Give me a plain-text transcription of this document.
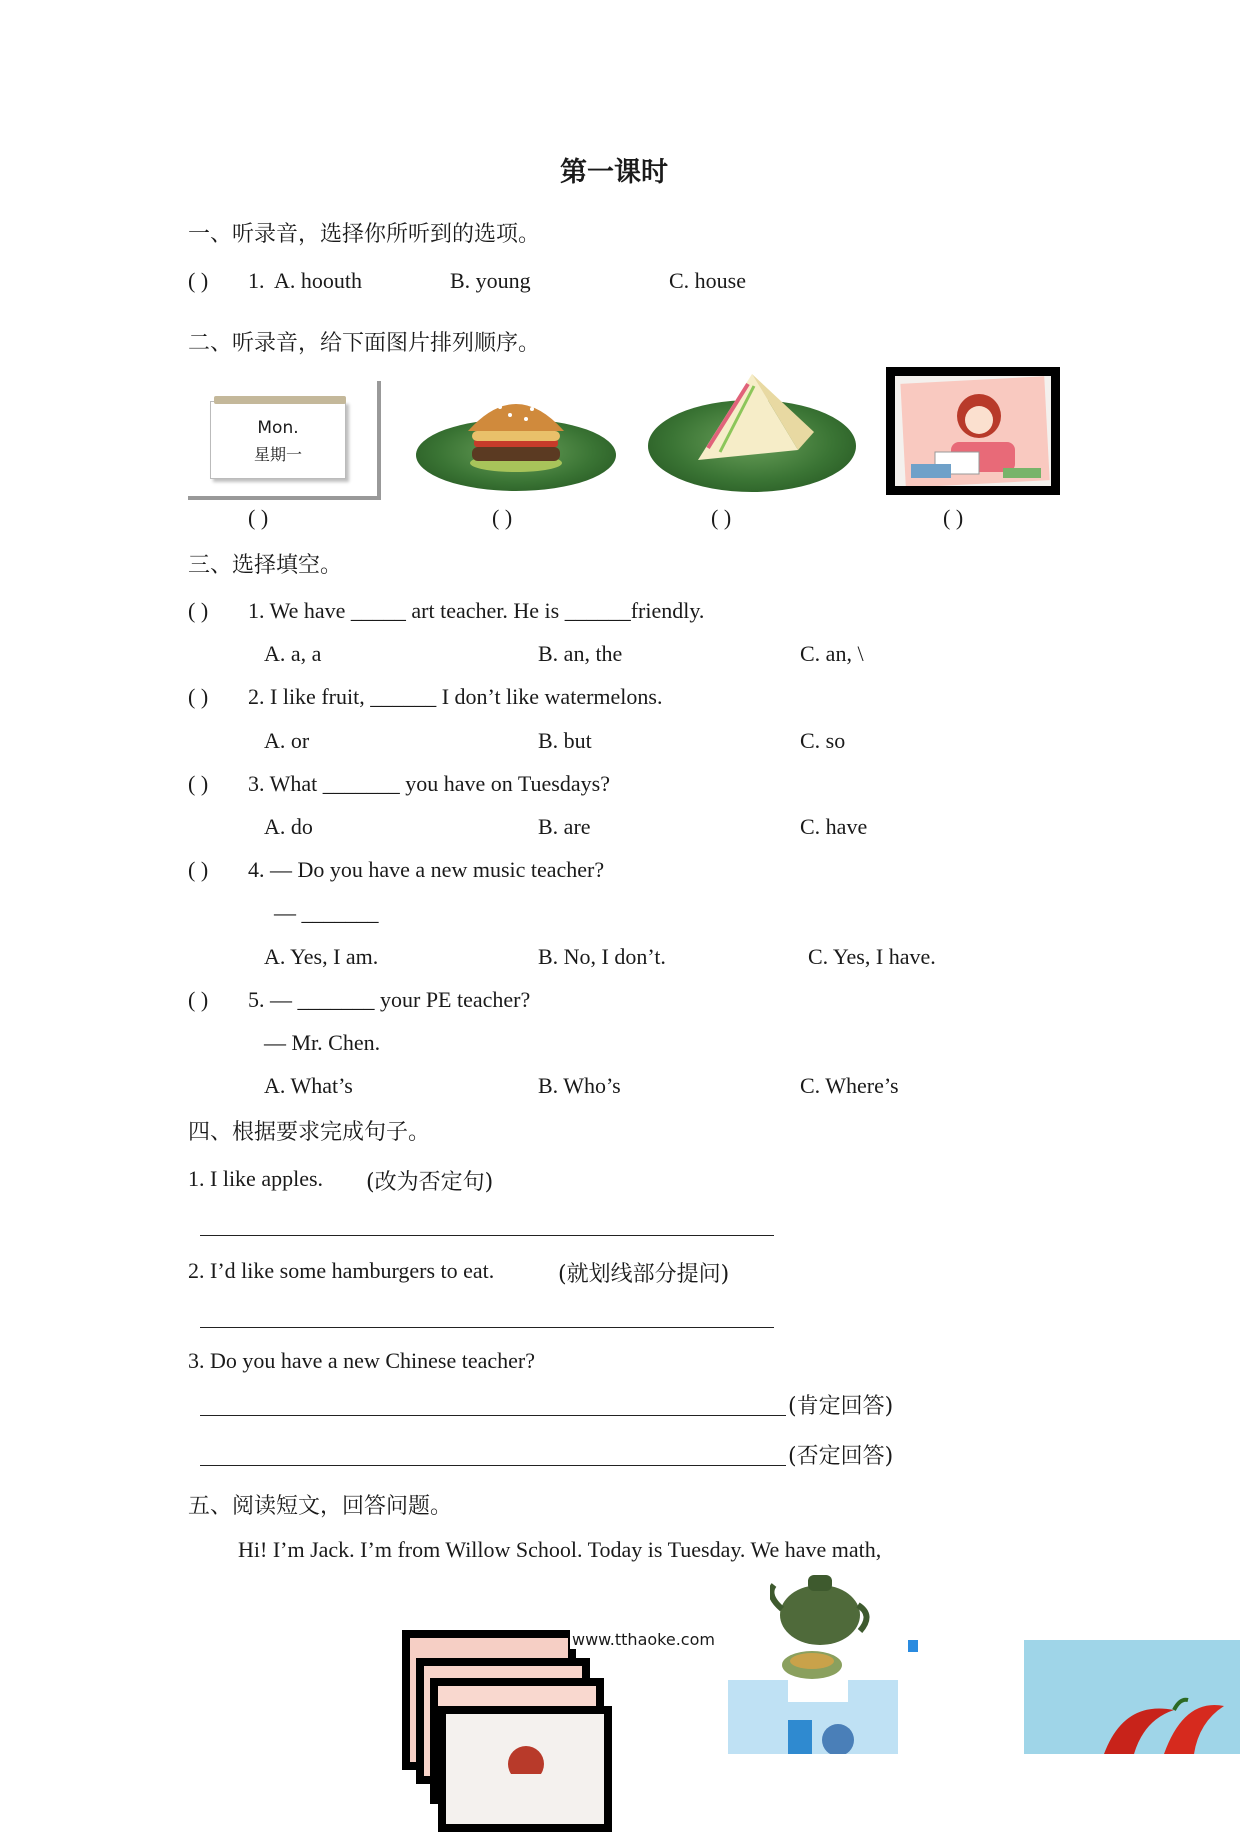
第一课时
一、听录音，选择你所听到的选项。
( ) 1. A. hoouth	B. young	C. house
二、听录音，给下面图片排列顺序。
Mon.
星期一
( )	( )	( )	( )
三、选择填空。
( ) 1. We have _____ art teacher. He is ______friendly.
A. a, a	B. an, the	C. an, \
( ) 2. I like fruit, ______ I don’t like watermelons.
A. or	B. but	C. so
( ) 3. What _______ you have on Tuesdays?
A. do	B. are	C. have
( ) 4. — Do you have a new music teacher?
— _______
A. Yes, I am.	B. No, I don’t.	C. Yes, I have.
( ) 5. — _______ your PE teacher?
— Mr. Chen.
A. What’s	B. Who’s	C. Where’s
四、根据要求完成句子。
1. I like apples. (改为否定句)
2. I’d like some hamburgers to eat.	(就划线部分提问)
3. Do you have a new Chinese teacher?
(肯定回答)
(否定回答)
五、阅读短文，回答问题。
Hi! I’m Jack. I’m from Willow School. Today is Tuesday. We have math,
www.tthaoke.com
